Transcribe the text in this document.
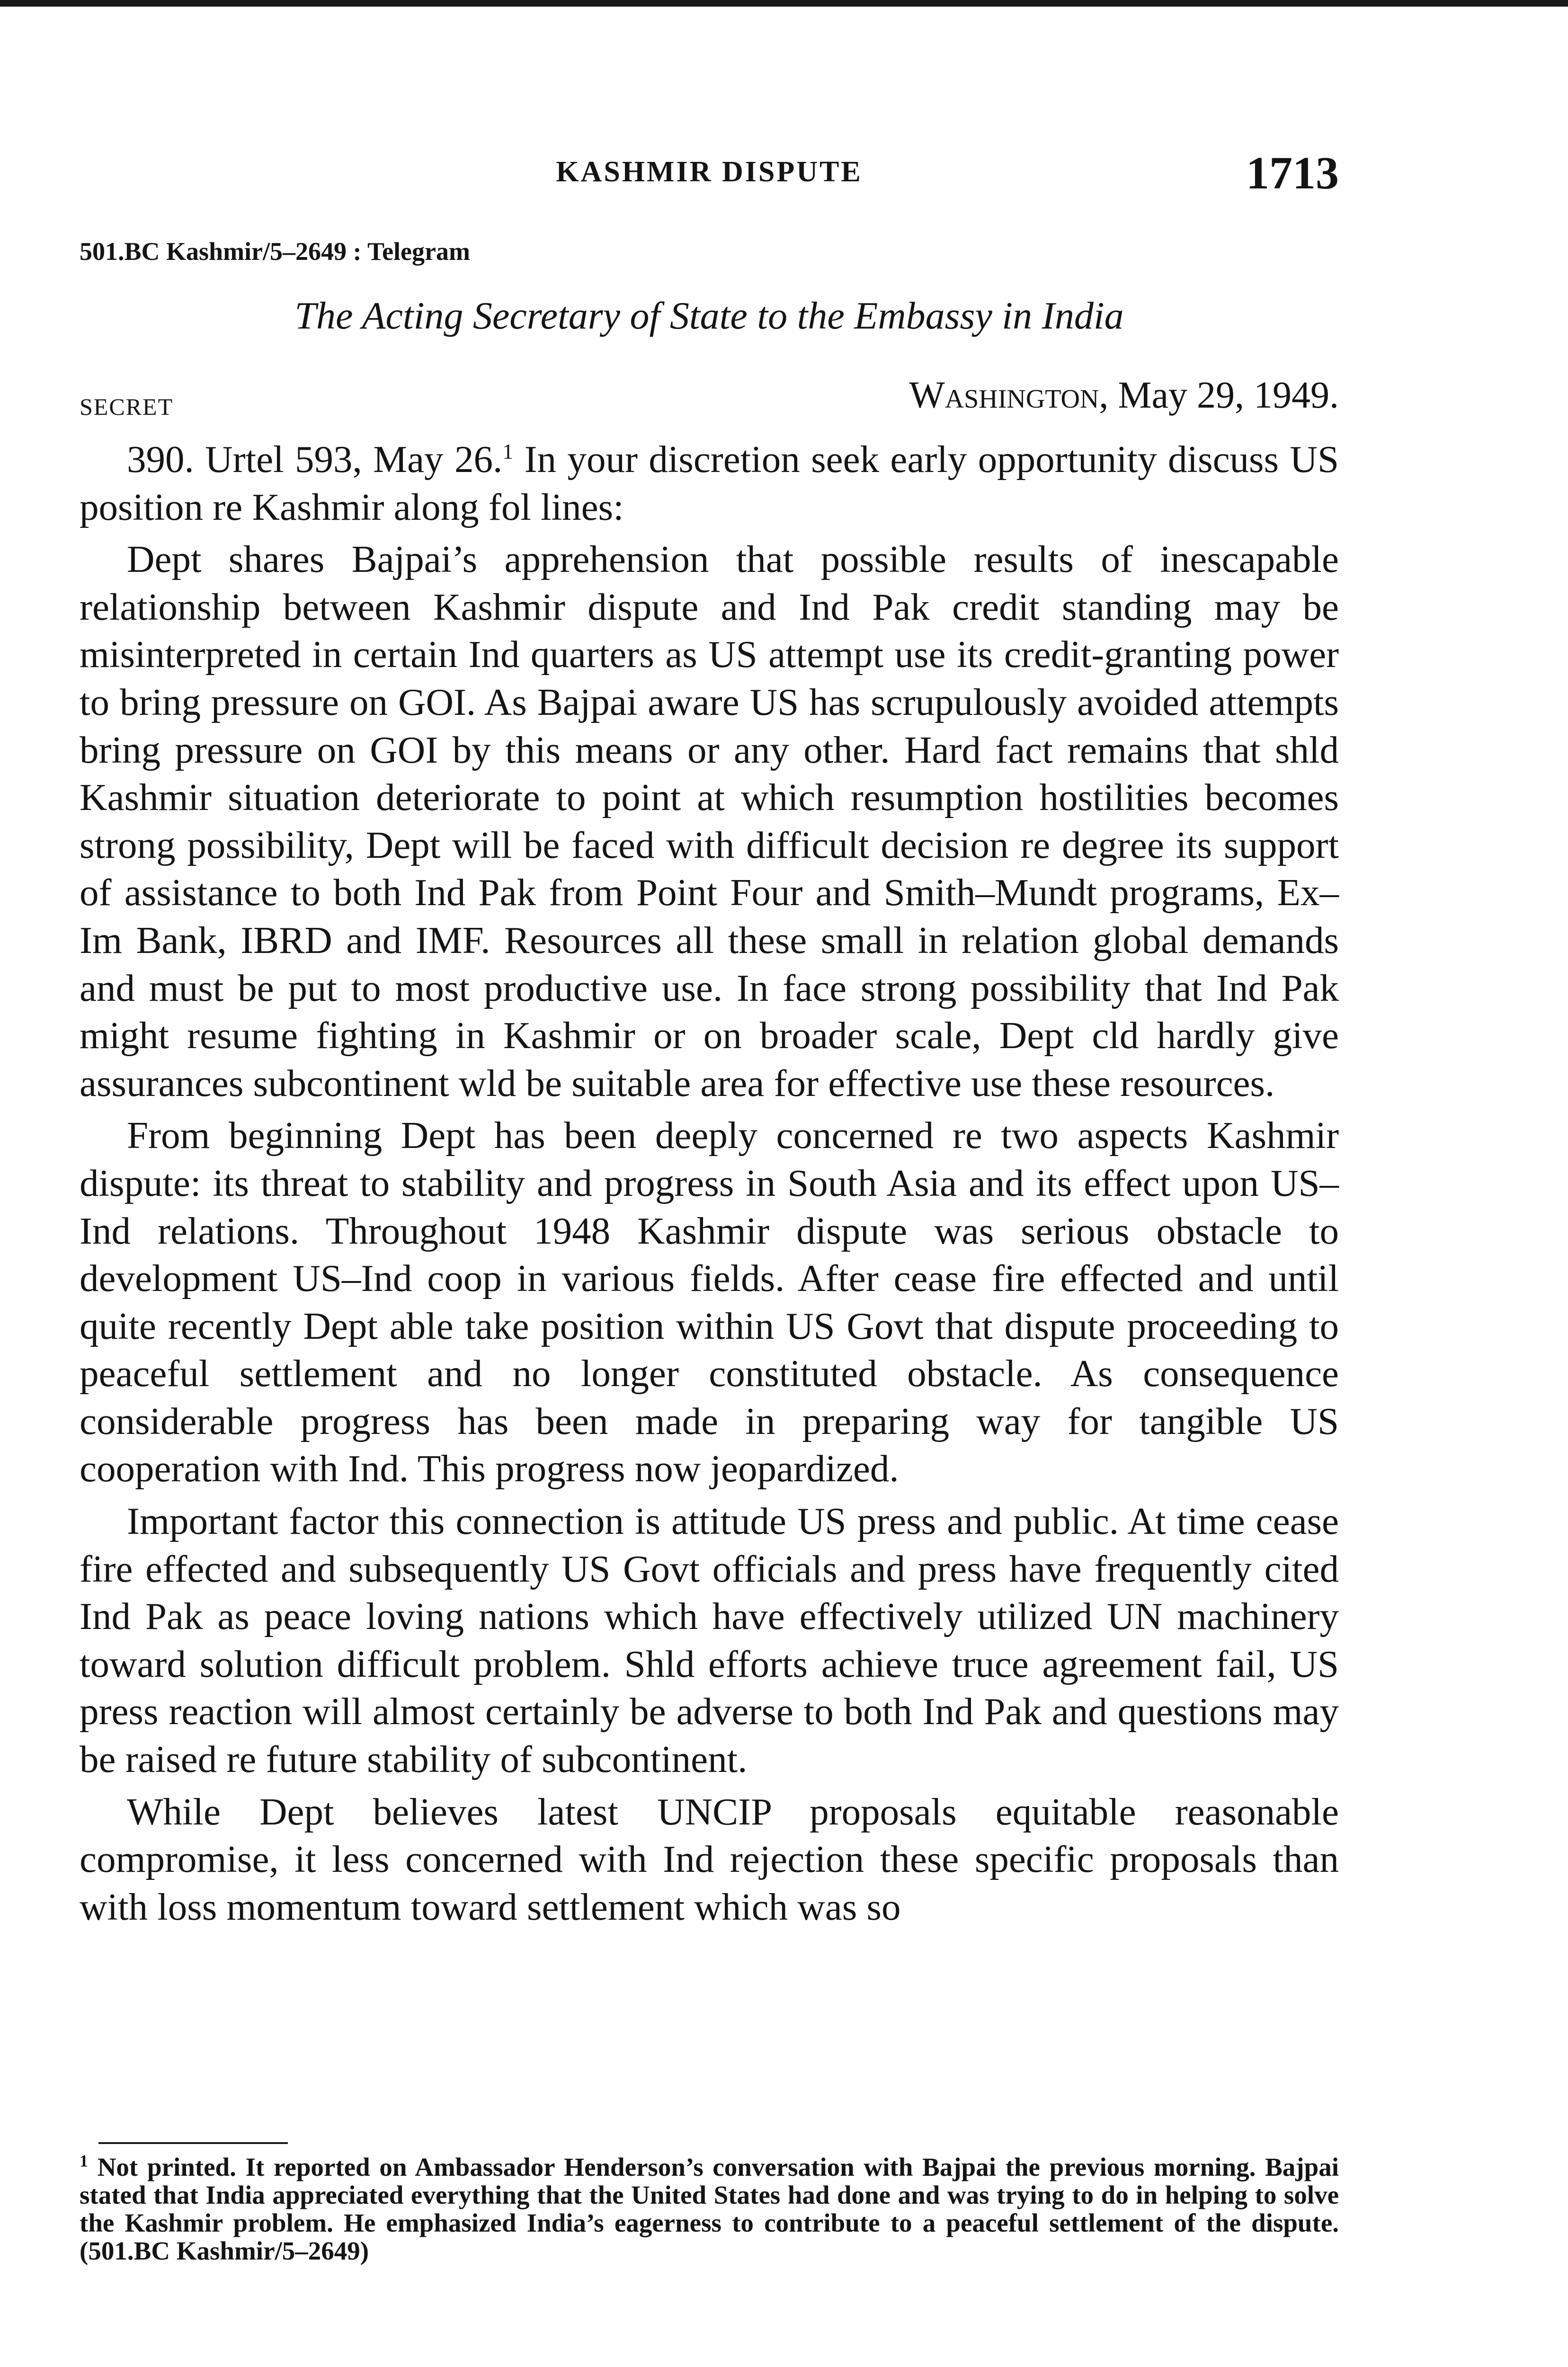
KASHMIR DISPUTE	1713
501.BC Kashmir/5–2649 : Telegram
The Acting Secretary of State to the Embassy in India
SECRET	Washington, May 29, 1949.

390. Urtel 593, May 26.$^1$ In your discretion seek early opportunity discuss US position re Kashmir along fol lines:

Dept shares Bajpai’s apprehension that possible results of inescapable relationship between Kashmir dispute and Ind Pak credit standing may be misinterpreted in certain Ind quarters as US attempt use its credit-granting power to bring pressure on GOI. As Bajpai aware US has scrupulously avoided attempts bring pressure on GOI by this means or any other. Hard fact remains that shld Kashmir situation deteriorate to point at which resumption hostilities becomes strong possibility, Dept will be faced with difficult decision re degree its support of assistance to both Ind Pak from Point Four and Smith–Mundt programs, Ex–Im Bank, IBRD and IMF. Resources all these small in relation global demands and must be put to most productive use. In face strong possibility that Ind Pak might resume fighting in Kashmir or on broader scale, Dept cld hardly give assurances subcontinent wld be suitable area for effective use these resources.

From beginning Dept has been deeply concerned re two aspects Kashmir dispute: its threat to stability and progress in South Asia and its effect upon US–Ind relations. Throughout 1948 Kashmir dispute was serious obstacle to development US–Ind coop in various fields. After cease fire effected and until quite recently Dept able take position within US Govt that dispute proceeding to peaceful settlement and no longer constituted obstacle. As consequence considerable progress has been made in preparing way for tangible US cooperation with Ind. This progress now jeopardized.

Important factor this connection is attitude US press and public. At time cease fire effected and subsequently US Govt officials and press have frequently cited Ind Pak as peace loving nations which have effectively utilized UN machinery toward solution difficult problem. Shld efforts achieve truce agreement fail, US press reaction will almost certainly be adverse to both Ind Pak and questions may be raised re future stability of subcontinent.

While Dept believes latest UNCIP proposals equitable reasonable compromise, it less concerned with Ind rejection these specific proposals than with loss momentum toward settlement which was so

$^1$ Not printed. It reported on Ambassador Henderson’s conversation with Bajpai the previous morning. Bajpai stated that India appreciated everything that the United States had done and was trying to do in helping to solve the Kashmir problem. He emphasized India’s eagerness to contribute to a peaceful settlement of the dispute. (501.BC Kashmir/5–2649)
